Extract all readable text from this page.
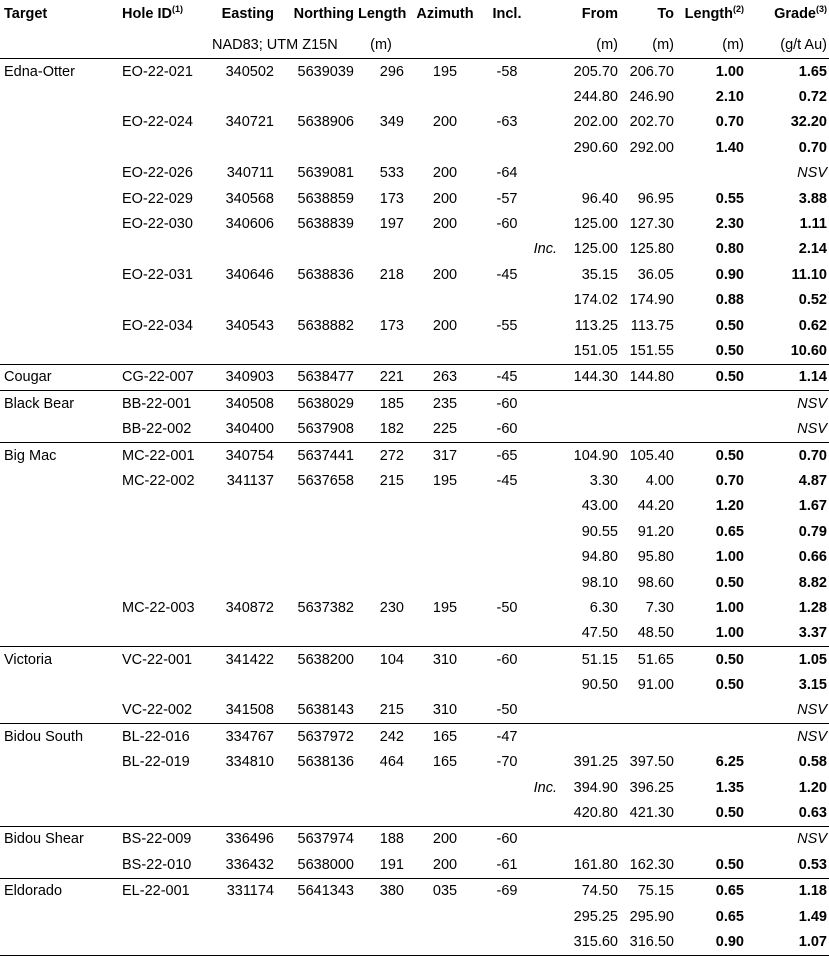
Target	Hole ID$^{(1)}$	Easting	Northing	Length	Azimuth	Incl.		From	To	Length$^{(2)}$	Grade$^{(3)}$
		NAD83; UTM Z15N		(m)				(m)	(m)	(m)	(g/t Au)
Edna-Otter	EO-22-021	340502	5639039	296	195	-58		205.70	206.70	1.00	1.65
								244.80	246.90	2.10	0.72
	EO-22-024	340721	5638906	349	200	-63		202.00	202.70	0.70	32.20
								290.60	292.00	1.40	0.70
	EO-22-026	340711	5639081	533	200	-64					NSV
	EO-22-029	340568	5638859	173	200	-57		96.40	96.95	0.55	3.88
	EO-22-030	340606	5638839	197	200	-60		125.00	127.30	2.30	1.11
							Inc.	125.00	125.80	0.80	2.14
	EO-22-031	340646	5638836	218	200	-45		35.15	36.05	0.90	11.10
								174.02	174.90	0.88	0.52
	EO-22-034	340543	5638882	173	200	-55		113.25	113.75	0.50	0.62
								151.05	151.55	0.50	10.60
Cougar	CG-22-007	340903	5638477	221	263	-45		144.30	144.80	0.50	1.14
Black Bear	BB-22-001	340508	5638029	185	235	-60					NSV
	BB-22-002	340400	5637908	182	225	-60					NSV
Big Mac	MC-22-001	340754	5637441	272	317	-65		104.90	105.40	0.50	0.70
	MC-22-002	341137	5637658	215	195	-45		3.30	4.00	0.70	4.87
								43.00	44.20	1.20	1.67
								90.55	91.20	0.65	0.79
								94.80	95.80	1.00	0.66
								98.10	98.60	0.50	8.82
	MC-22-003	340872	5637382	230	195	-50		6.30	7.30	1.00	1.28
								47.50	48.50	1.00	3.37
Victoria	VC-22-001	341422	5638200	104	310	-60		51.15	51.65	0.50	1.05
								90.50	91.00	0.50	3.15
	VC-22-002	341508	5638143	215	310	-50					NSV
Bidou South	BL-22-016	334767	5637972	242	165	-47					NSV
	BL-22-019	334810	5638136	464	165	-70		391.25	397.50	6.25	0.58
							Inc.	394.90	396.25	1.35	1.20
								420.80	421.30	0.50	0.63
Bidou Shear	BS-22-009	336496	5637974	188	200	-60					NSV
	BS-22-010	336432	5638000	191	200	-61		161.80	162.30	0.50	0.53
Eldorado	EL-22-001	331174	5641343	380	035	-69		74.50	75.15	0.65	1.18
								295.25	295.90	0.65	1.49
								315.60	316.50	0.90	1.07
